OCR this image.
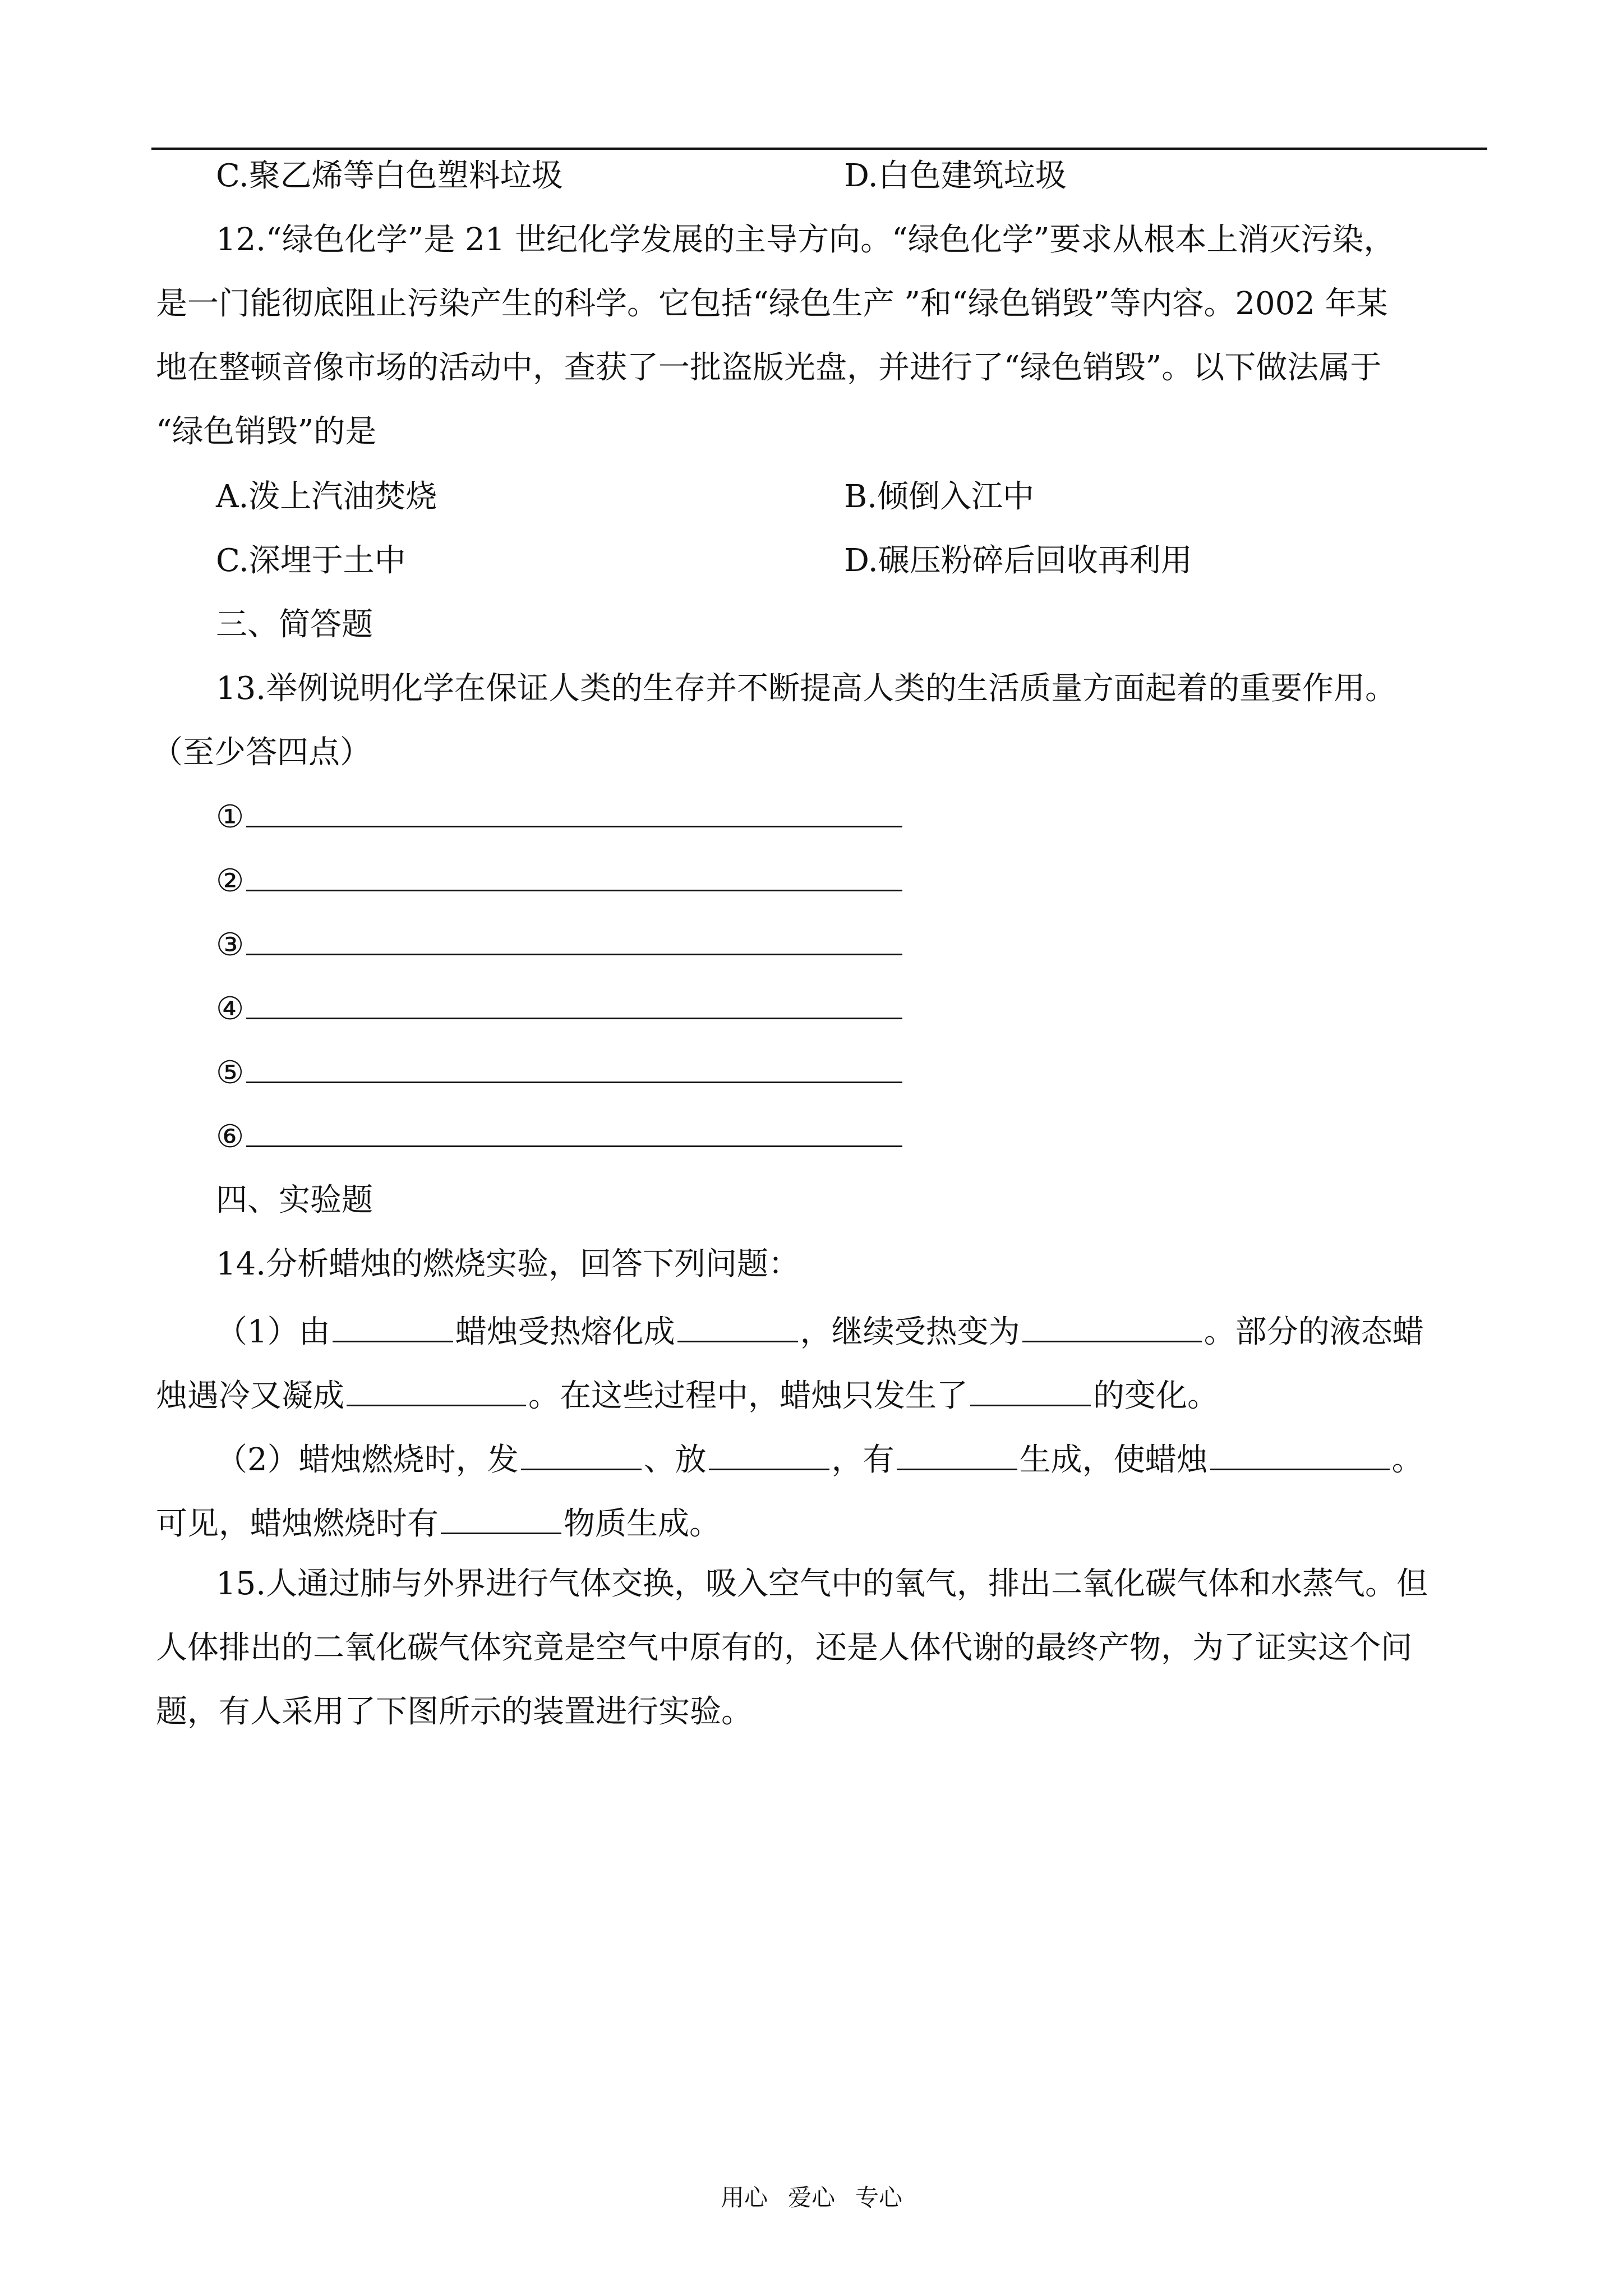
C.聚乙烯等白色塑料垃圾	D.白色建筑垃圾
12.“绿色化学”是 21 世纪化学发展的主导方向。“绿色化学”要求从根本上消灭污染，
是一门能彻底阻止污染产生的科学。它包括“绿色生产 ”和“绿色销毁”等内容。2002 年某
地在整顿音像市场的活动中，查获了一批盗版光盘，并进行了“绿色销毁”。以下做法属于
“绿色销毁”的是
A.泼上汽油焚烧	B.倾倒入江中
C.深埋于土中	D.碾压粉碎后回收再利用
三、简答题
13.举例说明化学在保证人类的生存并不断提高人类的生活质量方面起着的重要作用。
（至少答四点）
①
②
③
④
⑤
⑥
四、实验题
14.分析蜡烛的燃烧实验，回答下列问题：
（1）由	蜡烛受热熔化成	，继续受热变为	。部分的液态蜡
烛遇冷又凝成	。在这些过程中，蜡烛只发生了	的变化。
（2）蜡烛燃烧时，发	、放	，有	生成，使蜡烛	。
可见，蜡烛燃烧时有	物质生成。
15.人通过肺与外界进行气体交换，吸入空气中的氧气，排出二氧化碳气体和水蒸气。但
人体排出的二氧化碳气体究竟是空气中原有的，还是人体代谢的最终产物，为了证实这个问
题，有人采用了下图所示的装置进行实验。
用心 爱心 专心
